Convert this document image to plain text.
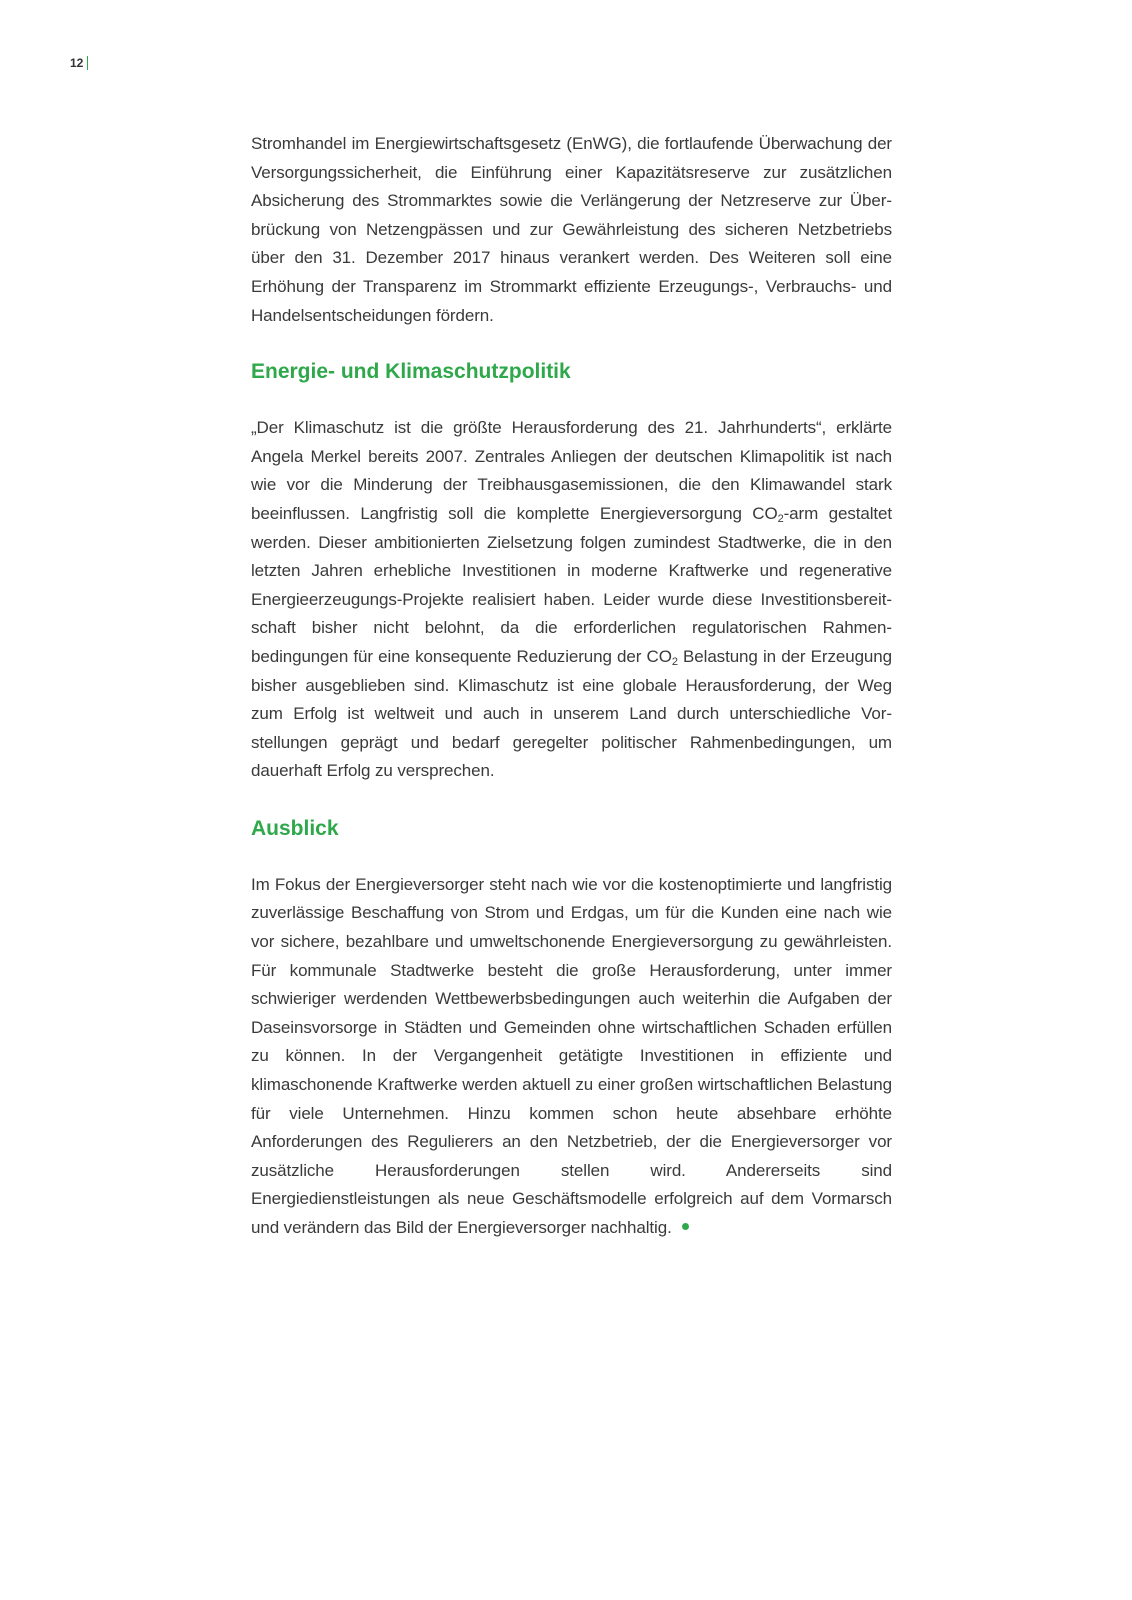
12

Stromhandel im Energiewirtschaftsgesetz (EnWG), die fortlaufende Überwachung der Versorgungssicherheit, die Einführung einer Kapazitätsreserve zur zusätzlichen Absicherung des Strommarktes sowie die Verlängerung der Netzreserve zur Überbrückung von Netzengpässen und zur Gewährleistung des sicheren Netzbetriebs über den 31. Dezember 2017 hinaus verankert werden. Des Weiteren soll eine Erhöhung der Transparenz im Strommarkt effiziente Erzeugungs-, Verbrauchs- und Handelsentscheidungen fördern.

Energie- und Klimaschutzpolitik

„Der Klimaschutz ist die größte Herausforderung des 21. Jahrhunderts“, erklärte Angela Merkel bereits 2007. Zentrales Anliegen der deutschen Klimapolitik ist nach wie vor die Minderung der Treibhausgasemissionen, die den Klimawandel stark beeinflussen. Langfristig soll die komplette Energieversorgung $CO_2$-arm gestaltet werden. Dieser ambitionierten Zielsetzung folgen zumindest Stadtwerke, die in den letzten Jahren erhebliche Investitionen in moderne Kraftwerke und regenerative Energieerzeugungs-Projekte realisiert haben. Leider wurde diese Investitionsbereitschaft bisher nicht belohnt, da die erforderlichen regulatorischen Rahmenbedingungen für eine konsequente Reduzierung der $CO_2$ Belastung in der Erzeugung bisher ausgeblieben sind. Klimaschutz ist eine globale Herausforderung, der Weg zum Erfolg ist weltweit und auch in unserem Land durch unterschiedliche Vorstellungen geprägt und bedarf geregelter politischer Rahmenbedingungen, um dauerhaft Erfolg zu versprechen.

Ausblick

Im Fokus der Energieversorger steht nach wie vor die kostenoptimierte und langfristig zuverlässige Beschaffung von Strom und Erdgas, um für die Kunden eine nach wie vor sichere, bezahlbare und umweltschonende Energieversorgung zu gewährleisten. Für kommunale Stadtwerke besteht die große Herausforderung, unter immer schwieriger werdenden Wettbewerbsbedingungen auch weiterhin die Aufgaben der Daseinsvorsorge in Städten und Gemeinden ohne wirtschaftlichen Schaden erfüllen zu können. In der Vergangenheit getätigte Investitionen in effiziente und klimaschonende Kraftwerke werden aktuell zu einer großen wirtschaftlichen Belastung für viele Unternehmen. Hinzu kommen schon heute absehbare erhöhte Anforderungen des Regulierers an den Netzbetrieb, der die Energieversorger vor zusätzliche Herausforderungen stellen wird. Andererseits sind Energiedienstleistungen als neue Geschäftsmodelle erfolgreich auf dem Vormarsch und verändern das Bild der Energieversorger nachhaltig.
